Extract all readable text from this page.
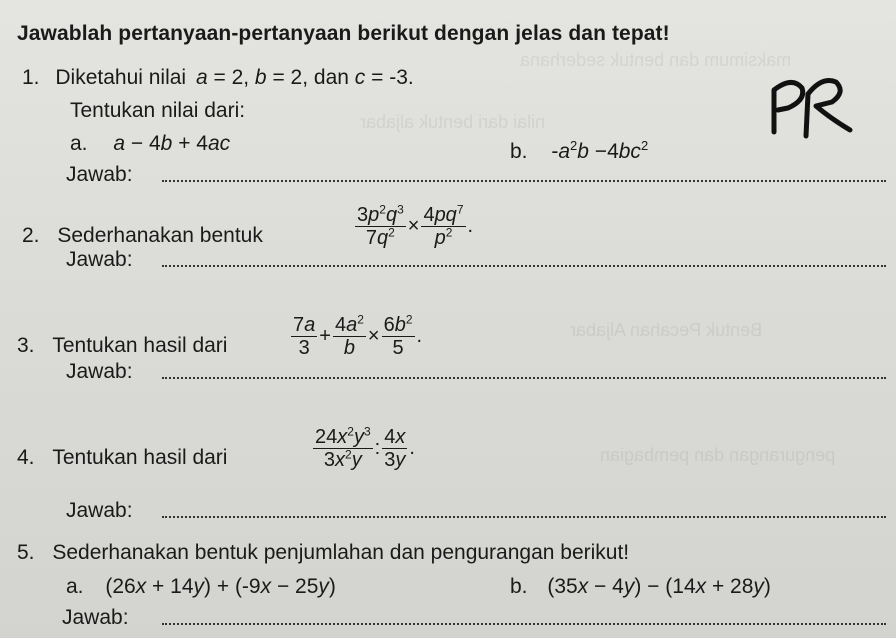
maksimum dan bentuk sederhana
nilai dari bentuk aljabar
Bentuk Pecahan Aljabar
pengurangan dan pembagian
Jawablah pertanyaan-pertanyaan berikut dengan jelas dan tepat!
1. Diketahui nilai a = 2, b = 2, dan c = -3.
Tentukan nilai dari:
a. a − 4b + 4ac	b. $-a^2b -4bc^2$
Jawab:
2. Sederhanakan bentuk	$\frac{3p^2q^3}{7q^2} \times \frac{4pq^7}{p^2}$ .
Jawab:
3. Tentukan hasil dari	$\frac{7a}{3} + \frac{4a^2}{b} \times \frac{6b^2}{5}$ .
Jawab:
4. Tentukan hasil dari	$\frac{24x^2y^3}{3x^2y}$ : $\frac{4x}{3y}$ .
Jawab:
5. Sederhanakan bentuk penjumlahan dan pengurangan berikut!
a. (26x + 14y) + (-9x − 25y)	b. (35x − 4y) − (14x + 28y)
Jawab:
